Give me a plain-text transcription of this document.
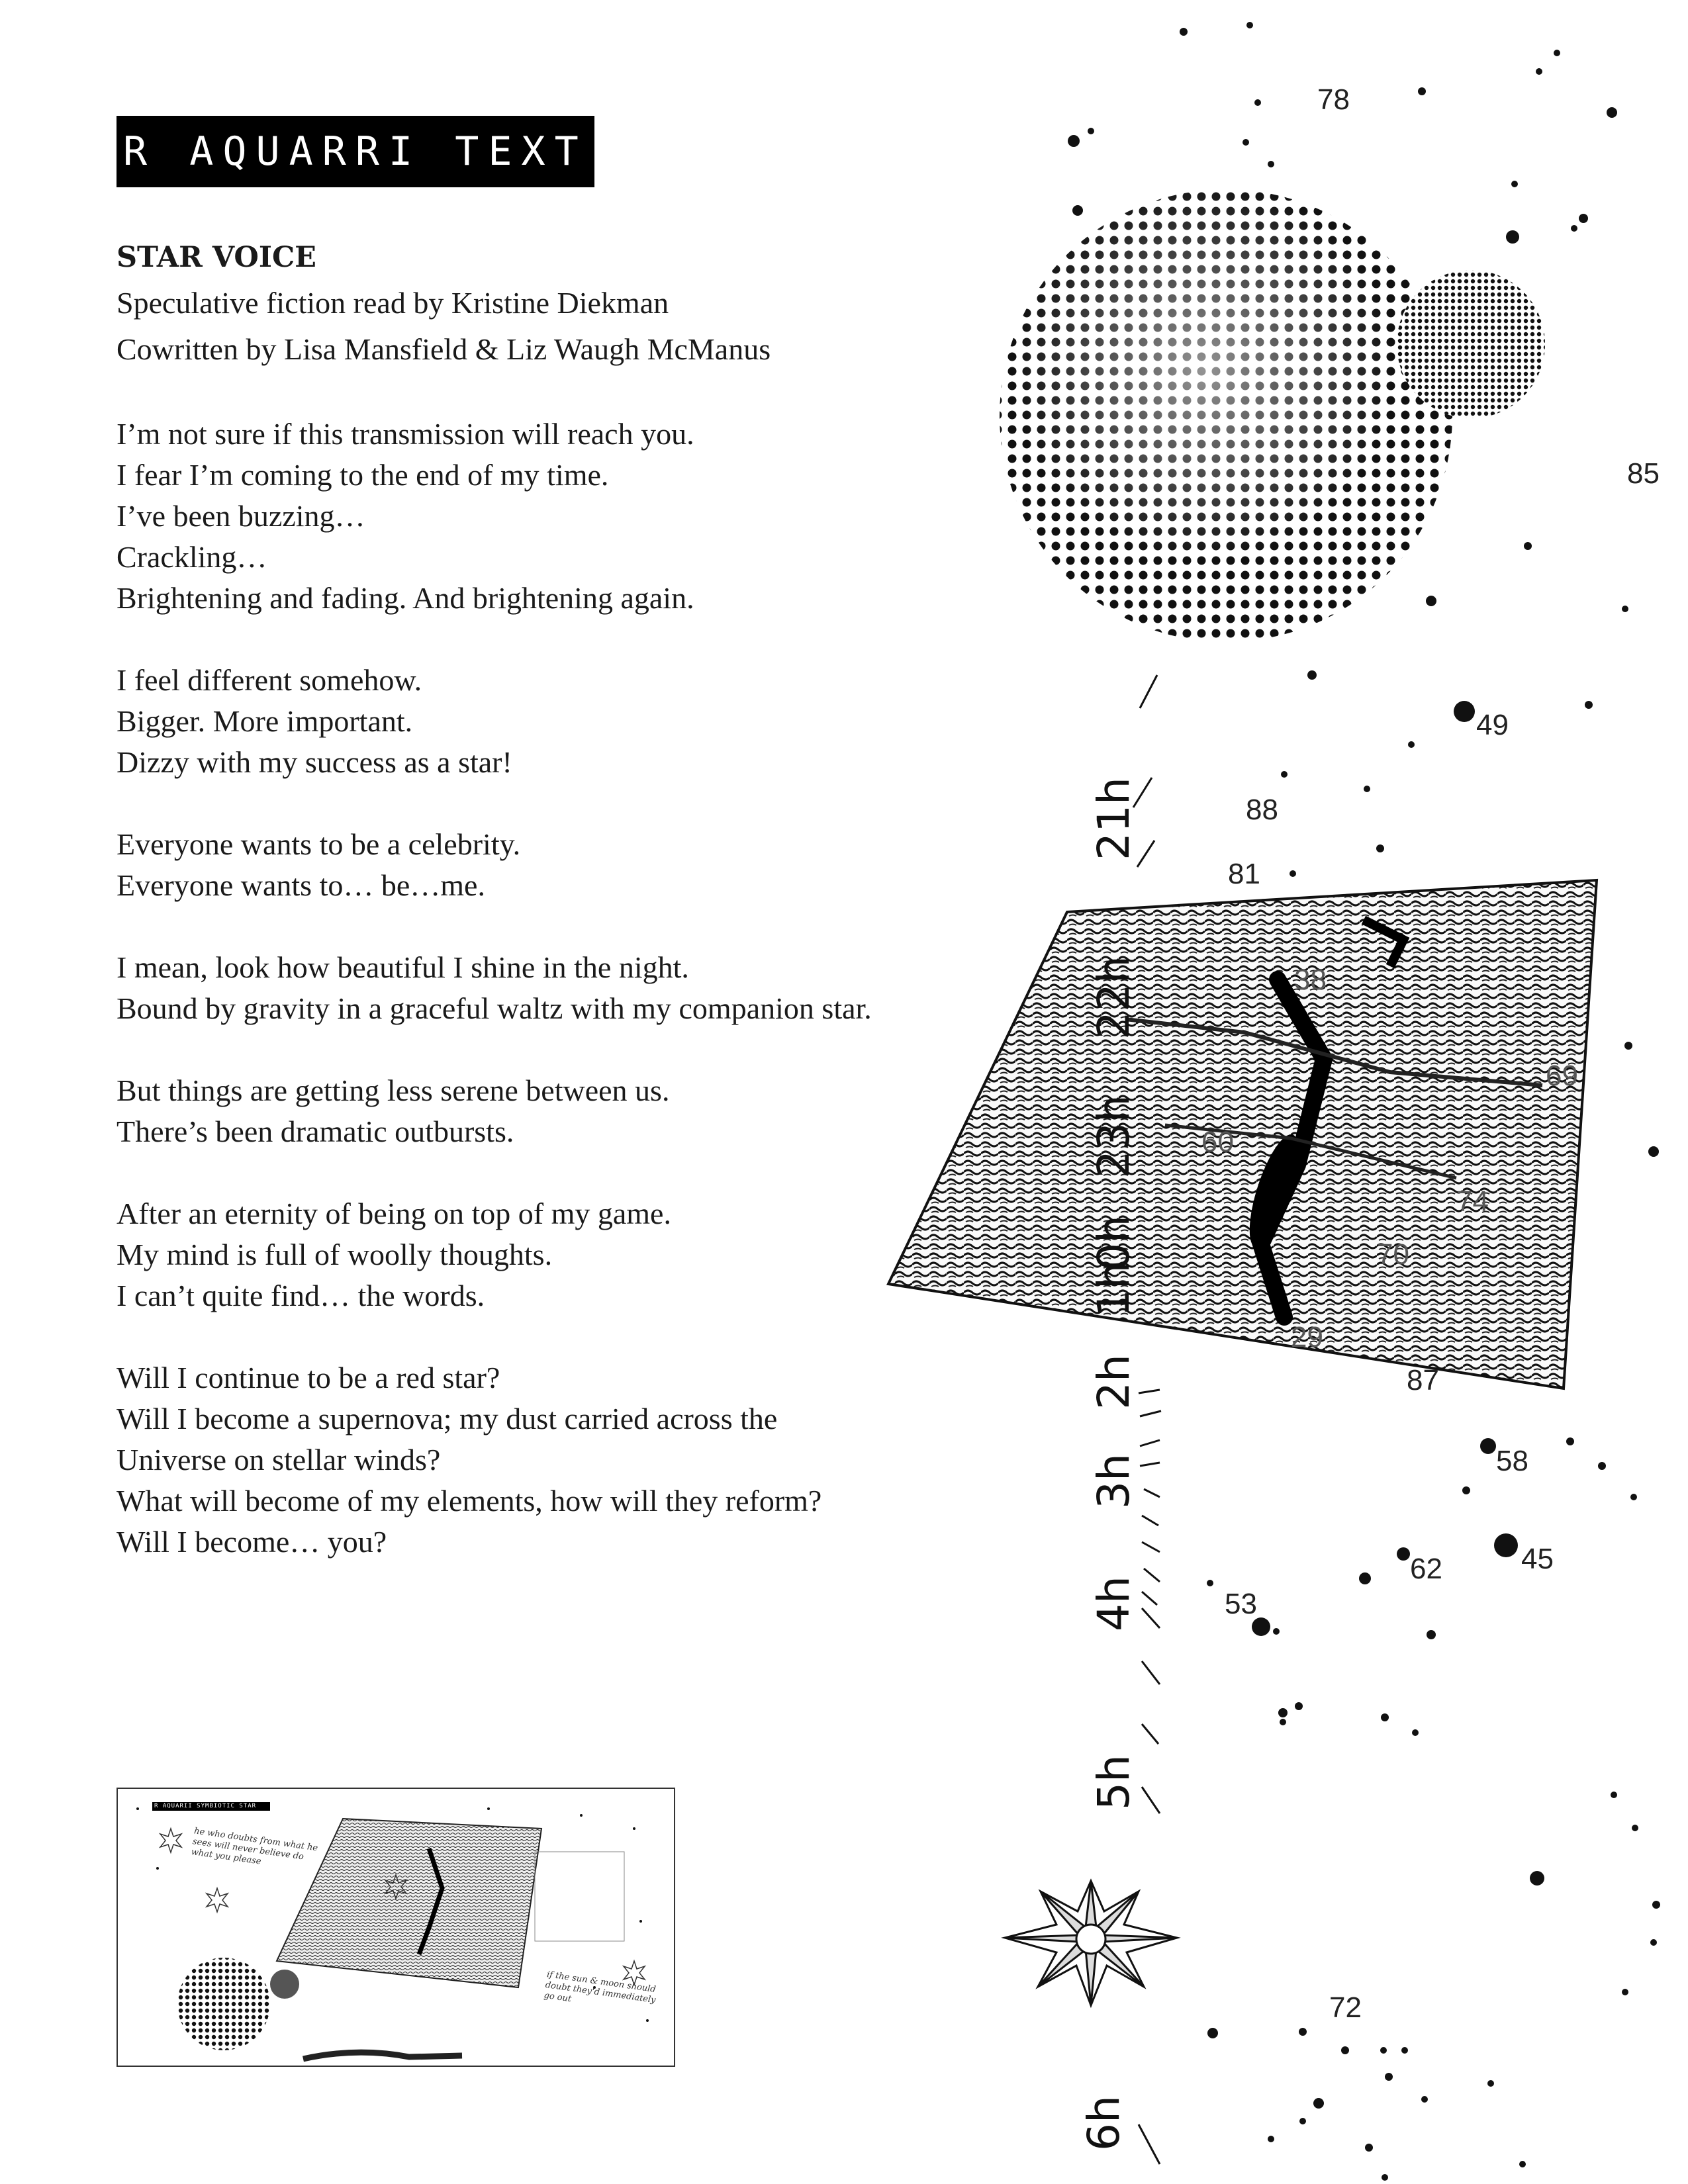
R AQUARRI TEXT

STAR VOICE

Speculative fiction read by Kristine Diekman

Cowritten by Lisa Mansfield & Liz Waugh McManus

I’m not sure if this transmission will reach you.
I fear I’m coming to the end of my time.
I’ve been buzzing…
Crackling…
Brightening and fading. And brightening again.
I feel different somehow.
Bigger. More important.
Dizzy with my success as a star!
Everyone wants to be a celebrity.
Everyone wants to… be…me.
I mean, look how beautiful I shine in the night.
Bound by gravity in a graceful waltz with my companion star.
But things are getting less serene between us.
There’s been dramatic outbursts.
After an eternity of being on top of my game.
My mind is full of woolly thoughts.
I can’t quite find… the words.
Will I continue to be a red star?
Will I become a supernova; my dust carried across the
Universe on stellar winds?
What will become of my elements, how will they reform?
Will I become… you?
21h
22h
23h
0h
1h
2h
3h
4h
5h
6h
78
85
49
88
81
58
62	45
53
72
87
29
69
74
70
60
38
R AQUARII SYMBIOTIC STAR
he who doubts from what he sees will never believe do what you please
if the sun & moon should doubt they'd immediately go out
